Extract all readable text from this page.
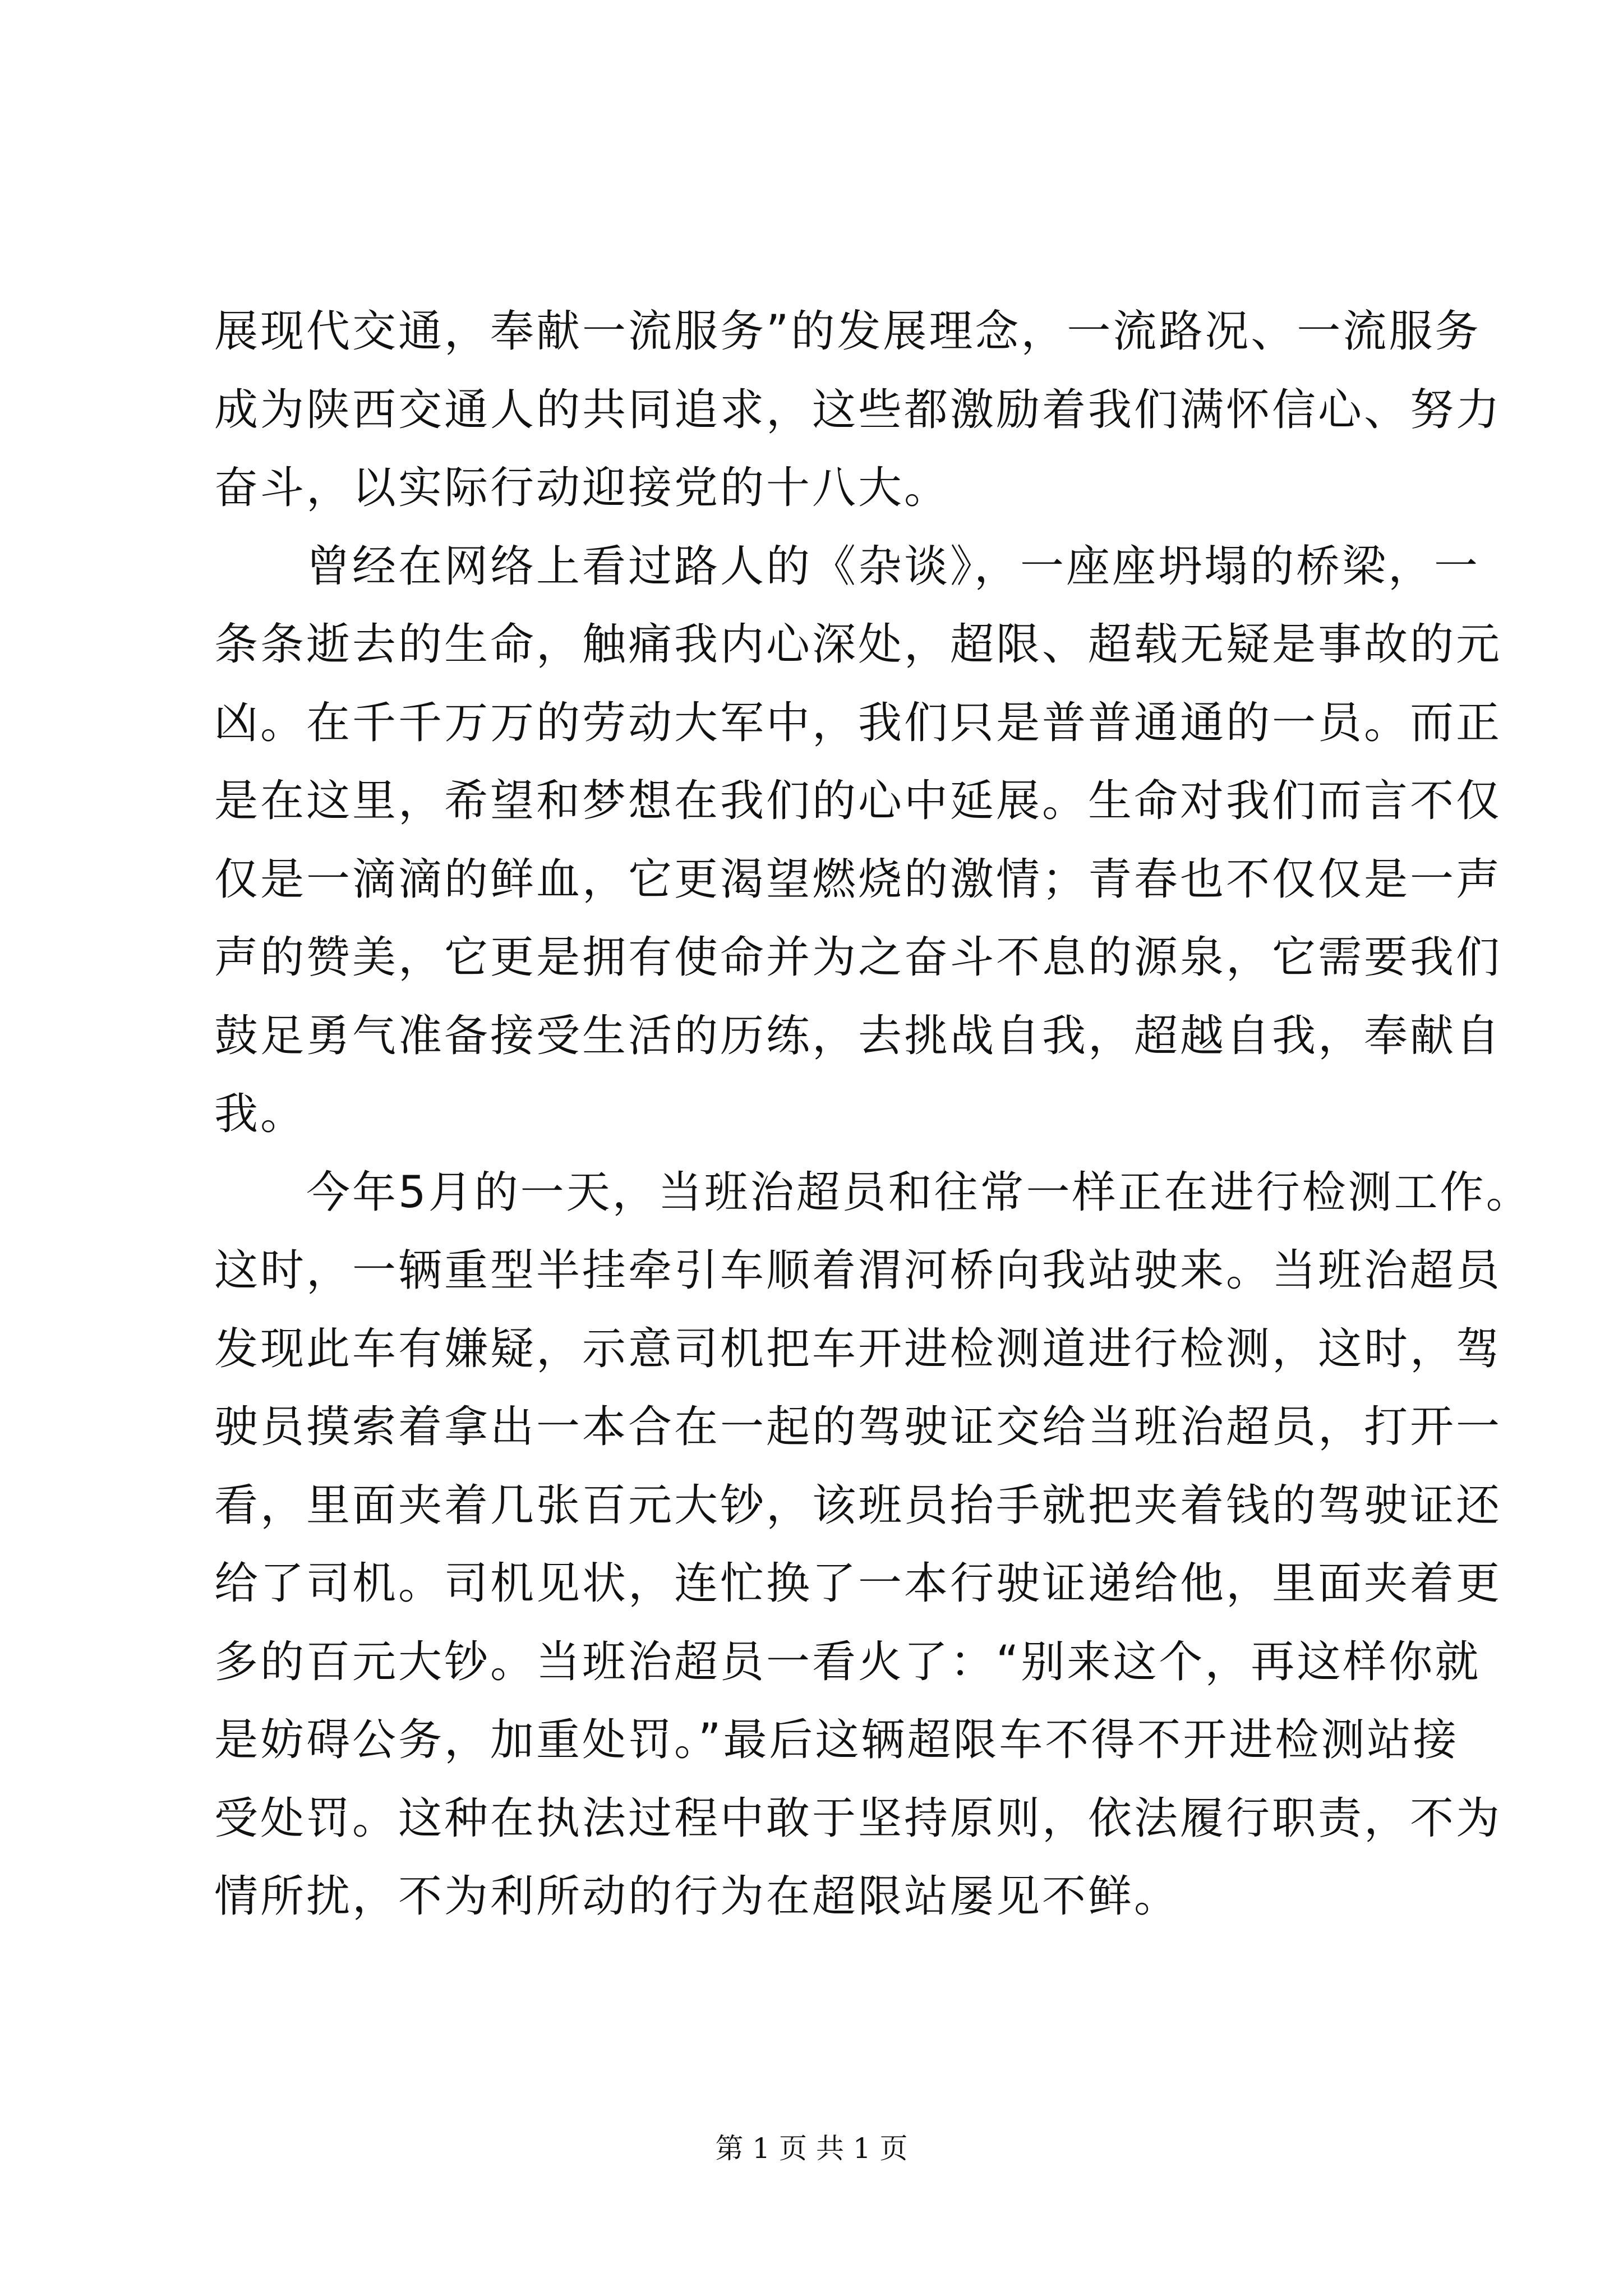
展现代交通，奉献一流服务”的发展理念，一流路况、一流服务
成为陕西交通人的共同追求，这些都激励着我们满怀信心、努力
奋斗，以实际行动迎接党的十八大。
曾经在网络上看过路人的《杂谈》，一座座坍塌的桥梁，一
条条逝去的生命，触痛我内心深处，超限、超载无疑是事故的元
凶。在千千万万的劳动大军中，我们只是普普通通的一员。而正
是在这里，希望和梦想在我们的心中延展。生命对我们而言不仅
仅是一滴滴的鲜血，它更渴望燃烧的激情；青春也不仅仅是一声
声的赞美，它更是拥有使命并为之奋斗不息的源泉，它需要我们
鼓足勇气准备接受生活的历练，去挑战自我，超越自我，奉献自
我。
今年5月的一天，当班治超员和往常一样正在进行检测工作。
这时，一辆重型半挂牵引车顺着渭河桥向我站驶来。当班治超员
发现此车有嫌疑，示意司机把车开进检测道进行检测，这时，驾
驶员摸索着拿出一本合在一起的驾驶证交给当班治超员，打开一
看，里面夹着几张百元大钞，该班员抬手就把夹着钱的驾驶证还
给了司机。司机见状，连忙换了一本行驶证递给他，里面夹着更
多的百元大钞。当班治超员一看火了：“别来这个，再这样你就
是妨碍公务，加重处罚。”最后这辆超限车不得不开进检测站接
受处罚。这种在执法过程中敢于坚持原则，依法履行职责，不为
情所扰，不为利所动的行为在超限站屡见不鲜。
第 1 页 共 1 页
